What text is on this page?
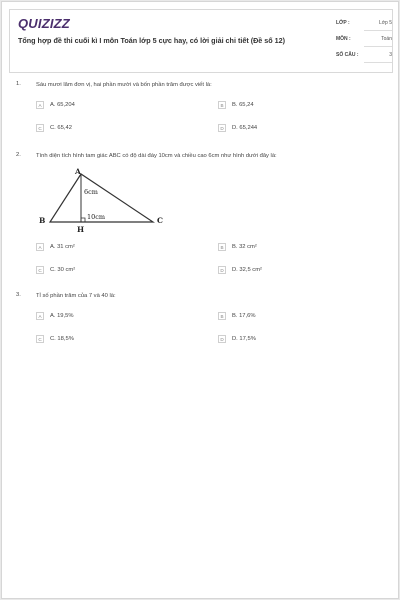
QUIZIZZ
Tổng hợp đề thi cuối kì I môn Toán lớp 5 cực hay, có lời giải chi tiết (Đề số 12)
LỚP :	Lớp 5
MÔN :	Toán
SỐ CÂU :	3
1.	Sáu mươi lăm đơn vị, hai phần mười và bốn phần trăm được viết là:
A	A. 65,204	B	B. 65,24
C	C. 65,42	D	D. 65,244
2.	Tính diện tích hình tam giác ABC có độ dài đáy 10cm và chiều cao 6cm như hình dưới đây là:
A
B	C
H
6cm
10cm
A	A. 31 cm²	B	B. 32 cm²
C	C. 30 cm²	D	D. 32,5 cm²
3.	Tỉ số phần trăm của 7 và 40 là:
A	A. 19,5%	B	B. 17,6%
C	C. 18,5%	D	D. 17,5%
